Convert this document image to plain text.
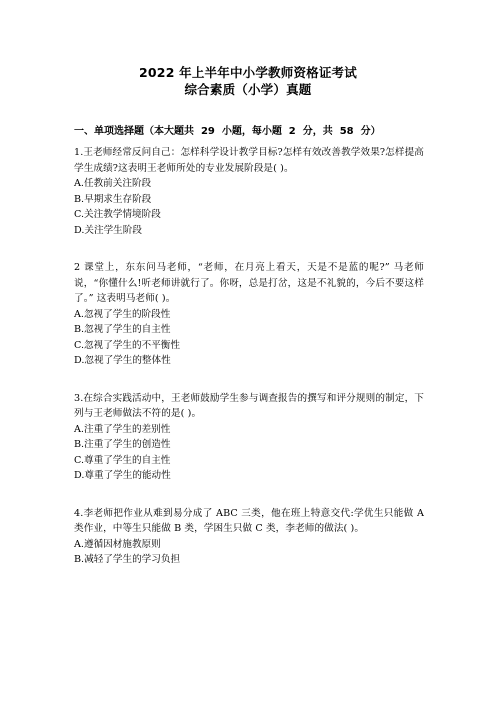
2022 年上半年中小学教师资格证考试
综合素质（小学）真题
一、单项选择题（本大题共  29  小题，每小题  2  分，共  58  分）
1.王老师经常反问自己：怎样科学设计教学目标?怎样有效改善教学效果?怎样提高学生成绩?这表明王老师所处的专业发展阶段是( )。
A.任教前关注阶段
B.早期求生存阶段
C.关注教学情境阶段
D.关注学生阶段
2 课堂上，东东问马老师，“老师，在月亮上看天，天是不是蓝的呢?” 马老师说，“你懂什么!听老师讲就行了。你呀，总是打岔，这是不礼貌的，今后不要这样了。” 这表明马老师( )。
A.忽视了学生的阶段性
B.忽视了学生的自主性
C.忽视了学生的不平衡性
D.忽视了学生的整体性
3.在综合实践活动中，王老师鼓励学生参与调查报告的撰写和评分规则的制定，下列与王老师做法不符的是( )。
A.注重了学生的差别性
B.注重了学生的创造性
C.尊重了学生的自主性
D.尊重了学生的能动性
4.李老师把作业从难到易分成了 ABC 三类，他在班上特意交代:学优生只能做 A 类作业，中等生只能做 B 类，学困生只做 C 类，李老师的做法( )。
A.遵循因材施教原则
B.减轻了学生的学习负担
